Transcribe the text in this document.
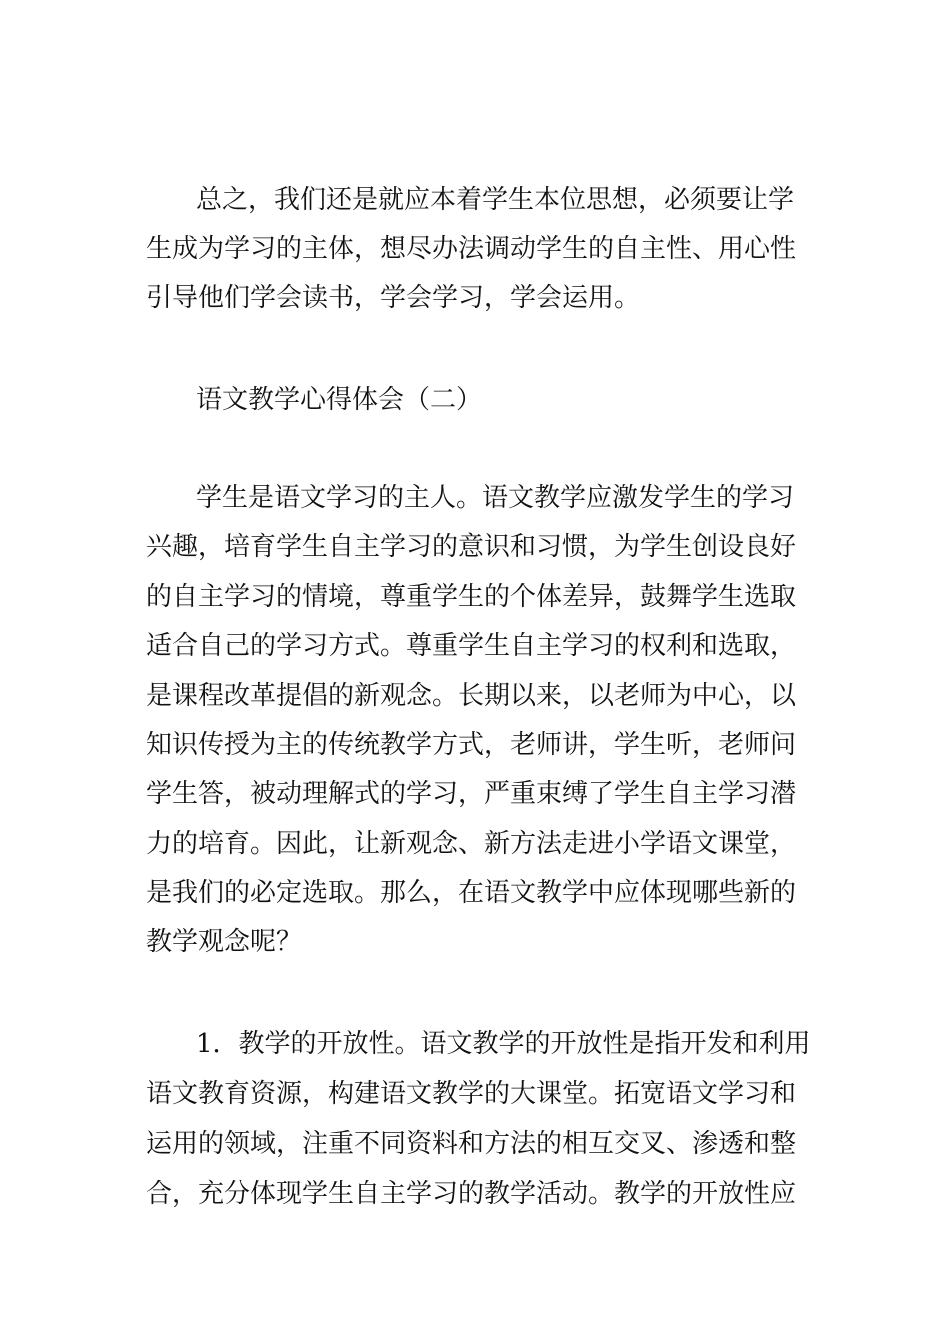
总之，我们还是就应本着学生本位思想，必须要让学
生成为学习的主体，想尽办法调动学生的自主性、用心性
引导他们学会读书，学会学习，学会运用。
语文教学心得体会（二）
学生是语文学习的主人。语文教学应激发学生的学习
兴趣，培育学生自主学习的意识和习惯，为学生创设良好
的自主学习的情境，尊重学生的个体差异，鼓舞学生选取
适合自己的学习方式。尊重学生自主学习的权利和选取，
是课程改革提倡的新观念。长期以来，以老师为中心，以
知识传授为主的传统教学方式，老师讲，学生听，老师问
学生答，被动理解式的学习，严重束缚了学生自主学习潜
力的培育。因此，让新观念、新方法走进小学语文课堂，
是我们的必定选取。那么，在语文教学中应体现哪些新的
教学观念呢？
1．教学的开放性。语文教学的开放性是指开发和利用
语文教育资源，构建语文教学的大课堂。拓宽语文学习和
运用的领域，注重不同资料和方法的相互交叉、渗透和整
合，充分体现学生自主学习的教学活动。教学的开放性应
